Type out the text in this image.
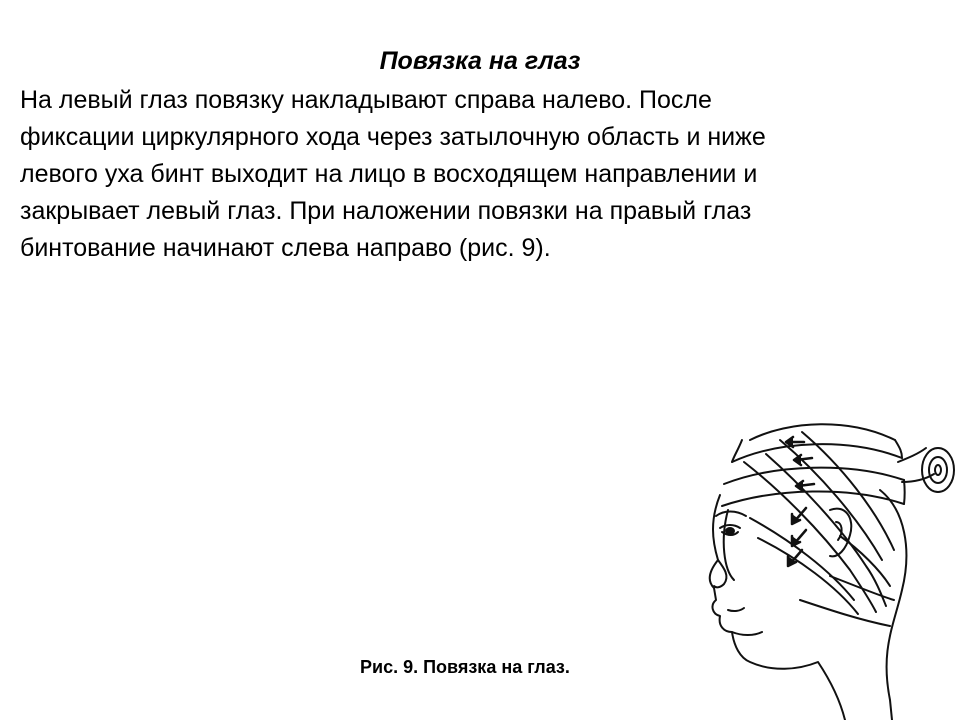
Повязка на глаз
На левый глаз повязку накладывают справа налево. После
фиксации циркулярного хода через затылочную область и ниже
левого уха бинт выходит на лицо в восходящем направлении и
закрывает левый глаз. При наложении повязки на правый глаз
бинтование начинают слева направо (рис. 9).
Рис. 9. Повязка на глаз.
